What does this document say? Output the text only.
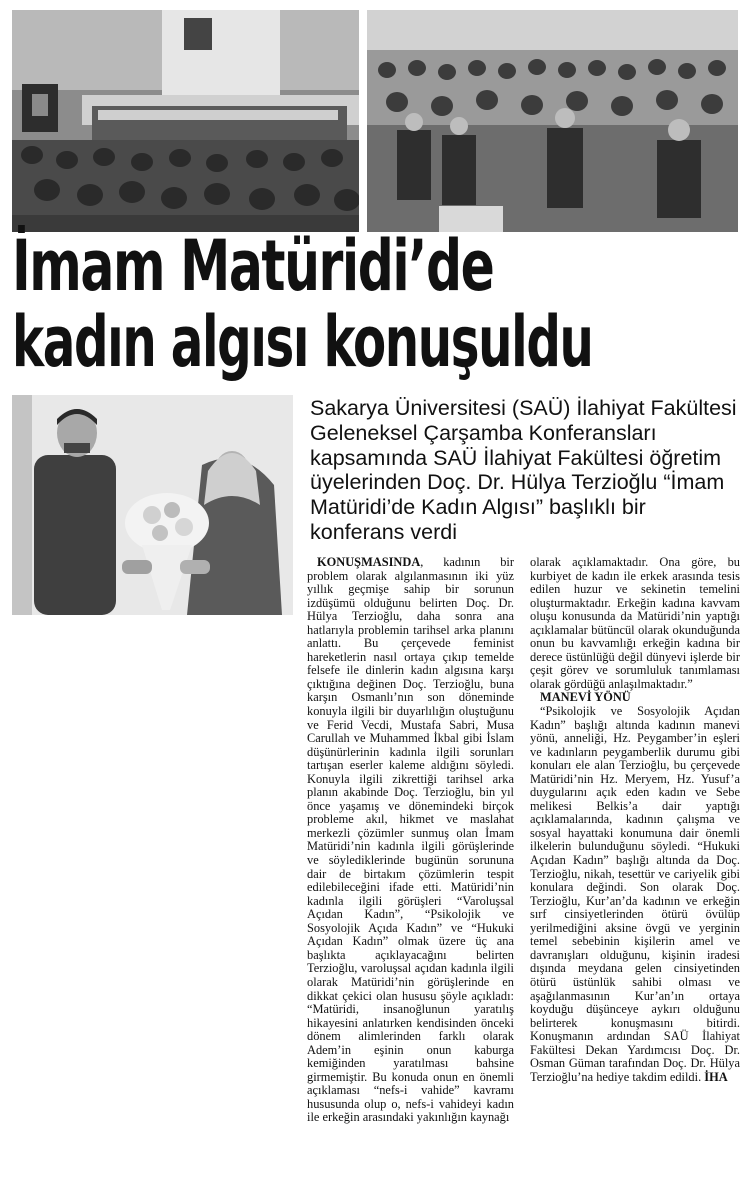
İmam Matüridi’de
kadın algısı konuşuldu
Sakarya Üniversitesi (SAÜ) İlahiyat Fakültesi Geleneksel Çarşamba Konferansları kapsamında SAÜ İlahiyat Fakültesi öğretim üyelerinden Doç. Dr. Hülya Terzioğlu “İmam Matüridi’de Kadın Algısı” başlıklı bir konferans verdi

KONUŞMASINDA, kadının bir problem olarak algılanmasının iki yüz yıllık geçmişe sahip bir sorunun izdüşümü olduğunu belirten Doç. Dr. Hülya Terzioğlu, daha sonra ana hatlarıyla problemin tarihsel arka planını anlattı. Bu çerçevede feminist hareketlerin nasıl ortaya çıkıp temelde felsefe ile dinlerin kadın algısına karşı çıktığına değinen Doç. Terzioğlu, buna karşın Osmanlı’nın son döneminde konuyla ilgili bir duyarlılığın oluştuğunu ve Ferid Vecdi, Mustafa Sabri, Musa Carullah ve Muhammed İkbal gibi İslam düşünürlerinin kadınla ilgili sorunları tartışan eserler kaleme aldığını söyledi. Konuyla ilgili zikrettiği tarihsel arka planın akabinde Doç. Terzioğlu, bin yıl önce yaşamış ve dönemindeki birçok probleme akıl, hikmet ve maslahat merkezli çözümler sunmuş olan İmam Matüridi’nin kadınla ilgili görüşlerinde ve söylediklerinde bugünün sorununa dair de birtakım çözümlerin tespit edilebileceğini ifade etti. Matüridi’nin kadınla ilgili görüşleri “Varoluşsal Açıdan Kadın”, “Psikolojik ve Sosyolojik Açıda Kadın” ve “Hukuki Açıdan Kadın” olmak üzere üç ana başlıkta açıklayacağını belirten Terzioğlu, varoluşsal açıdan kadınla ilgili olarak Matüridi’nin görüşlerinde en dikkat çekici olan hususu şöyle açıkladı: “Matüridi, insanoğlunun yaratılış hikayesini anlatırken kendisinden önceki dönem alimlerinden farklı olarak Adem’in eşinin onun kaburga kemiğinden yaratılması bahsine girmemiştir. Bu konuda onun en önemli açıklaması “nefs-i vahide” kavramı hususunda olup o, nefs-i vahideyi kadın ile erkeğin arasındaki yakınlığın kaynağı

olarak açıklamaktadır. Ona göre, bu kurbiyet de kadın ile erkek arasında tesis edilen huzur ve sekinetin temelini oluşturmaktadır. Erkeğin kadına kavvam oluşu konusunda da Matüridi’nin yaptığı açıklamalar bütüncül olarak okunduğunda onun bu kavvamlığı erkeğin kadına bir derece üstünlüğü değil dünyevi işlerde bir çeşit görev ve sorumluluk tanımlaması olarak gördüğü anlaşılmaktadır.”

MANEVİ YÖNÜ

“Psikolojik ve Sosyolojik Açıdan Kadın” başlığı altında kadının manevi yönü, anneliği, Hz. Peygamber’in eşleri ve kadınların peygamberlik durumu gibi konuları ele alan Terzioğlu, bu çerçevede Matüridi’nin Hz. Meryem, Hz. Yusuf’a duygularını açık eden kadın ve Sebe melikesi Belkis’a dair yaptığı açıklamalarında, kadının çalışma ve sosyal hayattaki konumuna dair önemli ilkelerin bulunduğunu söyledi. “Hukuki Açıdan Kadın” başlığı altında da Doç. Terzioğlu, nikah, tesettür ve cariyelik gibi konulara değindi. Son olarak Doç. Terzioğlu, Kur’an’da kadının ve erkeğin sırf cinsiyetlerinden ötürü övülüp yerilmediğini aksine övgü ve yerginin temel sebebinin kişilerin amel ve davranışları olduğunu, kişinin iradesi dışında meydana gelen cinsiyetinden ötürü üstünlük sahibi olması ve aşağılanmasının Kur’an’ın ortaya koyduğu düşünceye aykırı olduğunu belirterek konuşmasını bitirdi. Konuşmanın ardından SAÜ İlahiyat Fakültesi Dekan Yardımcısı Doç. Dr. Osman Güman tarafından Doç. Dr. Hülya Terzioğlu’na hediye takdim edildi. İHA
